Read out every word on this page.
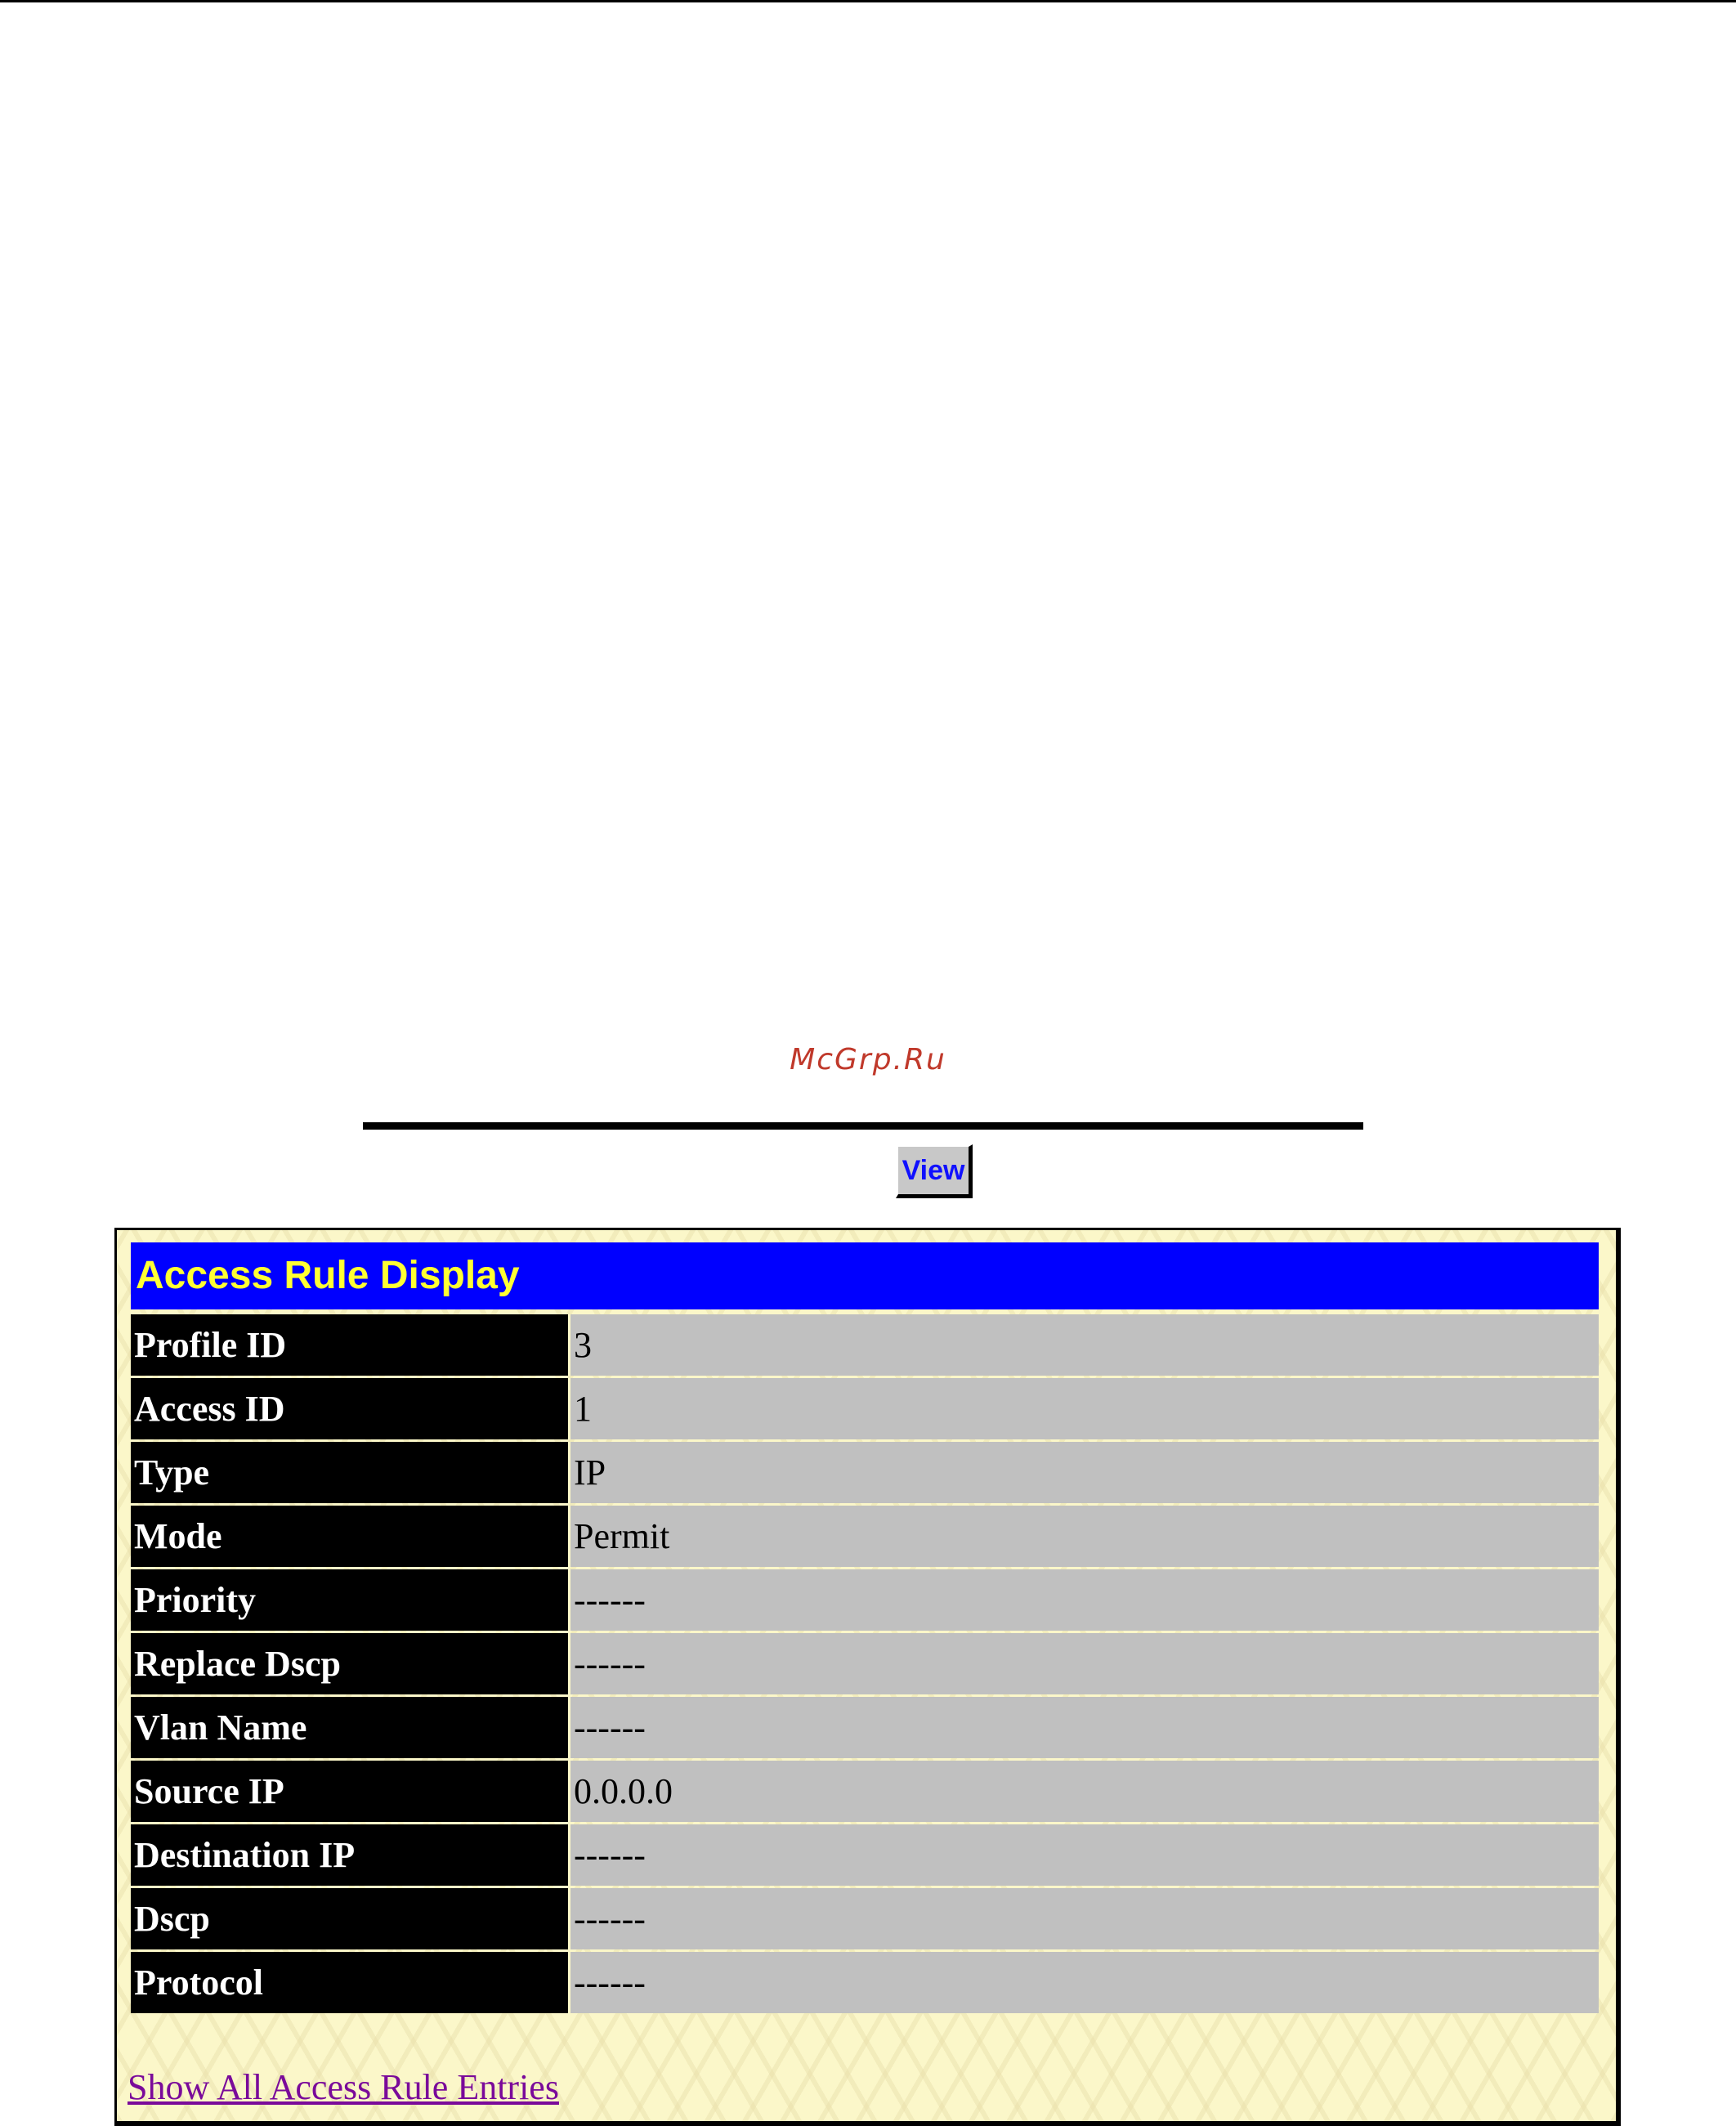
McGrp.Ru
View
Access Rule Display
Profile ID	3
Access ID	1
Type	IP
Mode	Permit
Priority	------
Replace Dscp	------
Vlan Name	------
Source IP	0.0.0.0
Destination IP	------
Dscp	------
Protocol	------
Show All Access Rule Entries
